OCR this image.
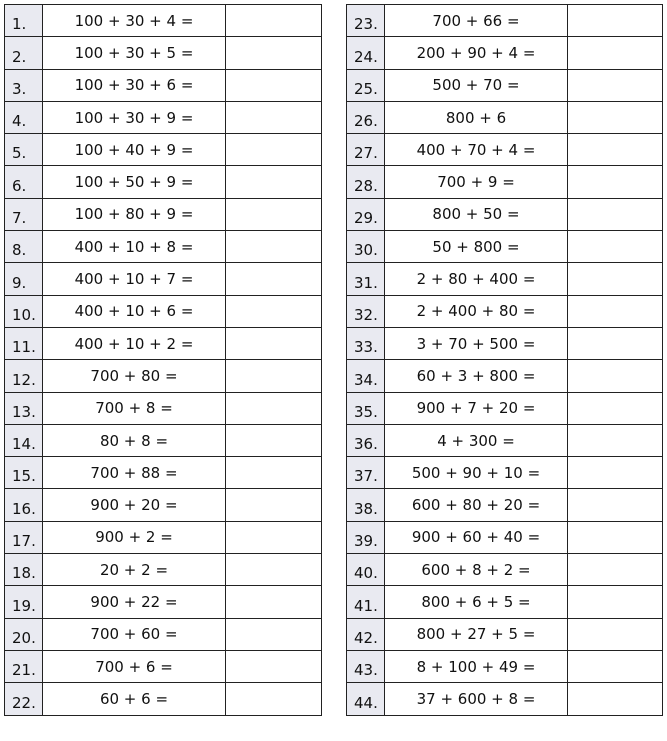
1.	100 + 30 + 4 =	
2.	100 + 30 + 5 =	
3.	100 + 30 + 6 =	
4.	100 + 30 + 9 =	
5.	100 + 40 + 9 =	
6.	100 + 50 + 9 =	
7.	100 + 80 + 9 =	
8.	400 + 10 + 8 =	
9.	400 + 10 + 7 =	
10.	400 + 10 + 6 =	
11.	400 + 10 + 2 =	
12.	700 + 80 =	
13.	700 + 8 =	
14.	80 + 8 =	
15.	700 + 88 =	
16.	900 + 20 =	
17.	900 + 2 =	
18.	20 + 2 =	
19.	900 + 22 =	
20.	700 + 60 =	
21.	700 + 6 =	
22.	60 + 6 =	
23.	700 + 66 =	
24.	200 + 90 + 4 =	
25.	500 + 70 =	
26.	800 + 6	
27.	400 + 70 + 4 =	
28.	700 + 9 =	
29.	800 + 50 =	
30.	50 + 800 =	
31.	2 + 80 + 400 =	
32.	2 + 400 + 80 =	
33.	3 + 70 + 500 =	
34.	60 + 3 + 800 =	
35.	900 + 7 + 20 =	
36.	4 + 300 =	
37.	500 + 90 + 10 =	
38.	600 + 80 + 20 =	
39.	900 + 60 + 40 =	
40.	600 + 8 + 2 =	
41.	800 + 6 + 5 =	
42.	800 + 27 + 5 =	
43.	8 + 100 + 49 =	
44.	37 + 600 + 8 =	
